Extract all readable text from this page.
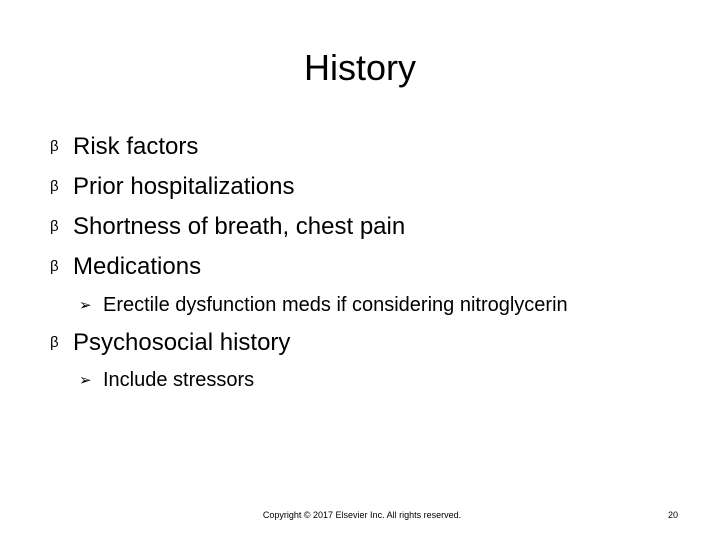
History
β Risk factors
β Prior hospitalizations
β Shortness of breath, chest pain
β Medications
➢ Erectile dysfunction meds if considering nitroglycerin
β Psychosocial history
➢ Include stressors
Copyright © 2017 Elsevier Inc. All rights reserved.	20
